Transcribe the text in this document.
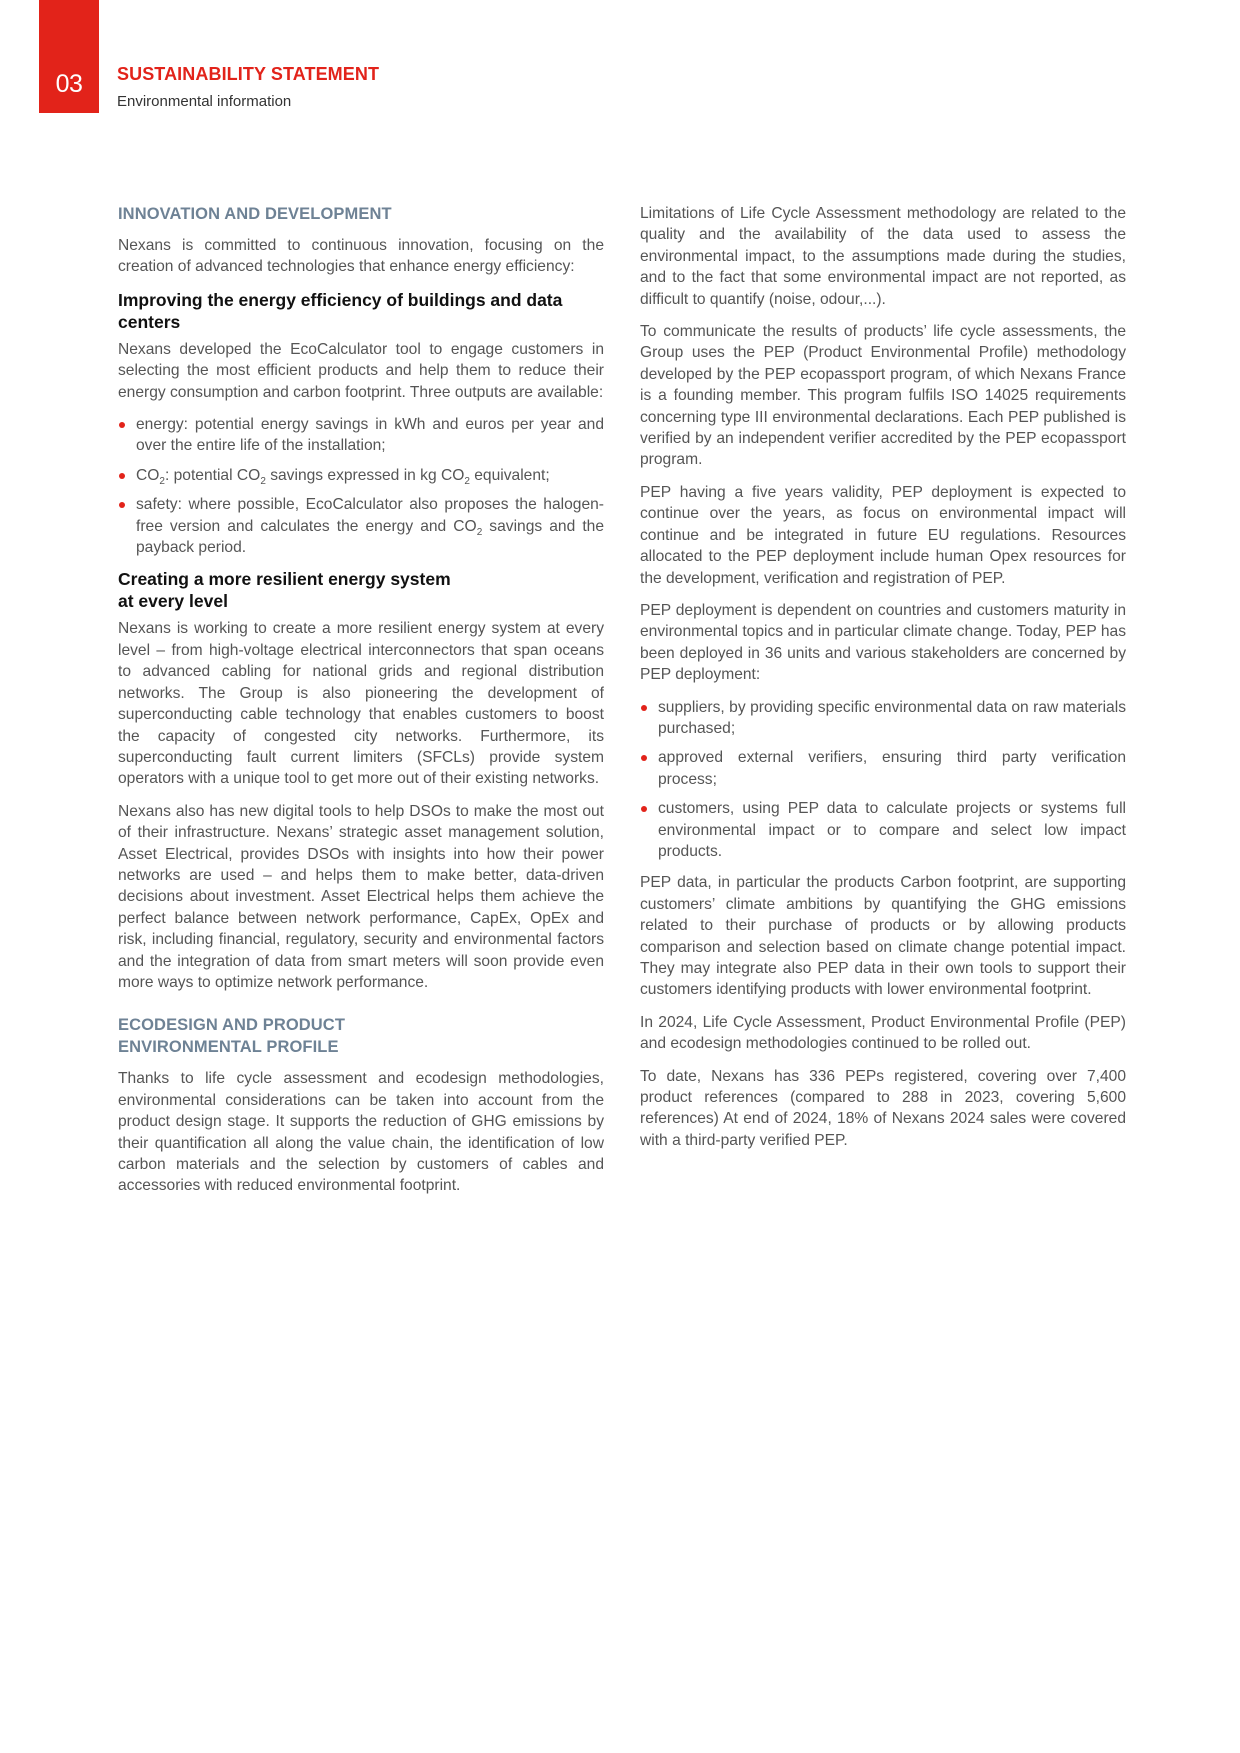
03 SUSTAINABILITY STATEMENT
Environmental information
INNOVATION AND DEVELOPMENT

Nexans is committed to continuous innovation, focusing on the creation of advanced technologies that enhance energy efficiency:

Improving the energy efficiency of buildings and data centers

Nexans developed the EcoCalculator tool to engage customers in selecting the most efficient products and help them to reduce their energy consumption and carbon footprint. Three outputs are available:

energy: potential energy savings in kWh and euros per year and over the entire life of the installation;
$CO_2$: potential $CO_2$ savings expressed in kg $CO_2$ equivalent;
safety: where possible, EcoCalculator also proposes the halogen-free version and calculates the energy and $CO_2$ savings and the payback period.
Creating a more resilient energy system
at every level

Nexans is working to create a more resilient energy system at every level – from high-voltage electrical interconnectors that span oceans to advanced cabling for national grids and regional distribution networks. The Group is also pioneering the development of superconducting cable technology that enables customers to boost the capacity of congested city networks. Furthermore, its superconducting fault current limiters (SFCLs) provide system operators with a unique tool to get more out of their existing networks.

Nexans also has new digital tools to help DSOs to make the most out of their infrastructure. Nexans’ strategic asset management solution, Asset Electrical, provides DSOs with insights into how their power networks are used – and helps them to make better, data-driven decisions about investment. Asset Electrical helps them achieve the perfect balance between network performance, CapEx, OpEx and risk, including financial, regulatory, security and environmental factors and the integration of data from smart meters will soon provide even more ways to optimize network performance.

ECODESIGN AND PRODUCT
ENVIRONMENTAL PROFILE

Thanks to life cycle assessment and ecodesign methodologies, environmental considerations can be taken into account from the product design stage. It supports the reduction of GHG emissions by their quantification all along the value chain, the identification of low carbon materials and the selection by customers of cables and accessories with reduced environmental footprint.

Limitations of Life Cycle Assessment methodology are related to the quality and the availability of the data used to assess the environmental impact, to the assumptions made during the studies, and to the fact that some environmental impact are not reported, as difficult to quantify (noise, odour,...).

To communicate the results of products’ life cycle assessments, the Group uses the PEP (Product Environmental Profile) methodology developed by the PEP ecopassport program, of which Nexans France is a founding member. This program fulfils ISO 14025 requirements concerning type III environmental declarations. Each PEP published is verified by an independent verifier accredited by the PEP ecopassport program.

PEP having a five years validity, PEP deployment is expected to continue over the years, as focus on environmental impact will continue and be integrated in future EU regulations. Resources allocated to the PEP deployment include human Opex resources for the development, verification and registration of PEP.

PEP deployment is dependent on countries and customers maturity in environmental topics and in particular climate change. Today, PEP has been deployed in 36 units and various stakeholders are concerned by PEP deployment:

suppliers, by providing specific environmental data on raw materials purchased;
approved external verifiers, ensuring third party verification process;
customers, using PEP data to calculate projects or systems full environmental impact or to compare and select low impact products.

PEP data, in particular the products Carbon footprint, are supporting customers’ climate ambitions by quantifying the GHG emissions related to their purchase of products or by allowing products comparison and selection based on climate change potential impact. They may integrate also PEP data in their own tools to support their customers identifying products with lower environmental footprint.

In 2024, Life Cycle Assessment, Product Environmental Profile (PEP) and ecodesign methodologies continued to be rolled out.

To date, Nexans has 336 PEPs registered, covering over 7,400 product references (compared to 288 in 2023, covering 5,600 references) At end of 2024, 18% of Nexans 2024 sales were covered with a third-party verified PEP.
